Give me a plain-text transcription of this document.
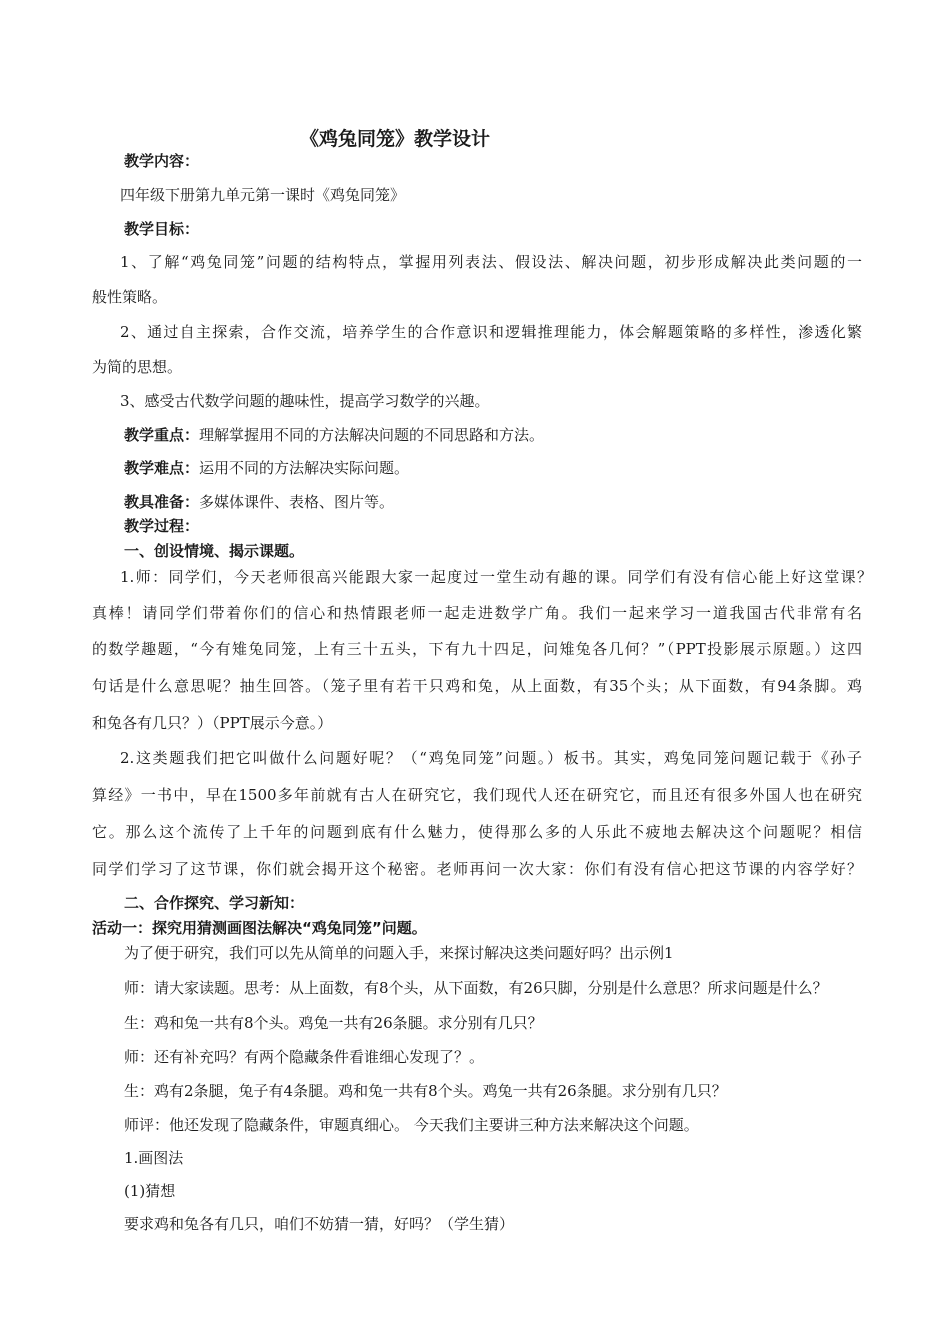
《鸡兔同笼》教学设计
教学内容：
四年级下册第九单元第一课时《鸡兔同笼》
教学目标：
1、了解“鸡兔同笼”问题的结构特点，掌握用列表法、假设法、解决问题，初步形成解决此类问题的一
般性策略。
2、通过自主探索，合作交流，培养学生的合作意识和逻辑推理能力，体会解题策略的多样性，渗透化繁
为简的思想。
3、感受古代数学问题的趣味性，提高学习数学的兴趣。
教学重点：理解掌握用不同的方法解决问题的不同思路和方法。
教学难点：运用不同的方法解决实际问题。
教具准备：多媒体课件、表格、图片等。
教学过程：
一、创设情境、揭示课题。
1.师：同学们，今天老师很高兴能跟大家一起度过一堂生动有趣的课。同学们有没有信心能上好这堂课？
真棒！请同学们带着你们的信心和热情跟老师一起走进数学广角。我们一起来学习一道我国古代非常有名
的数学趣题，“今有雉兔同笼，上有三十五头，下有九十四足，问雉兔各几何？”（PPT投影展示原题。）这四
句话是什么意思呢？抽生回答。（笼子里有若干只鸡和兔，从上面数，有35个头；从下面数，有94条脚。鸡
和兔各有几只？）（PPT展示今意。）
2.这类题我们把它叫做什么问题好呢？（“鸡兔同笼”问题。）板书。其实，鸡兔同笼问题记载于《孙子
算经》一书中，早在1500多年前就有古人在研究它，我们现代人还在研究它，而且还有很多外国人也在研究
它。那么这个流传了上千年的问题到底有什么魅力，使得那么多的人乐此不疲地去解决这个问题呢？相信
同学们学习了这节课，你们就会揭开这个秘密。老师再问一次大家：你们有没有信心把这节课的内容学好？
二、合作探究、学习新知：
活动一：探究用猜测画图法解决“鸡兔同笼”问题。
为了便于研究，我们可以先从简单的问题入手，来探讨解决这类问题好吗？出示例1
师：请大家读题。思考：从上面数，有8个头，从下面数，有26只脚，分别是什么意思？所求问题是什么？
生：鸡和兔一共有8个头。鸡兔一共有26条腿。求分别有几只？
师：还有补充吗？有两个隐藏条件看谁细心发现了？。
生：鸡有2条腿，兔子有4条腿。鸡和兔一共有8个头。鸡兔一共有26条腿。求分别有几只？
师评：他还发现了隐藏条件，审题真细心。 今天我们主要讲三种方法来解决这个问题。
1.画图法
(1)猜想
要求鸡和兔各有几只，咱们不妨猜一猜，好吗？（学生猜）
